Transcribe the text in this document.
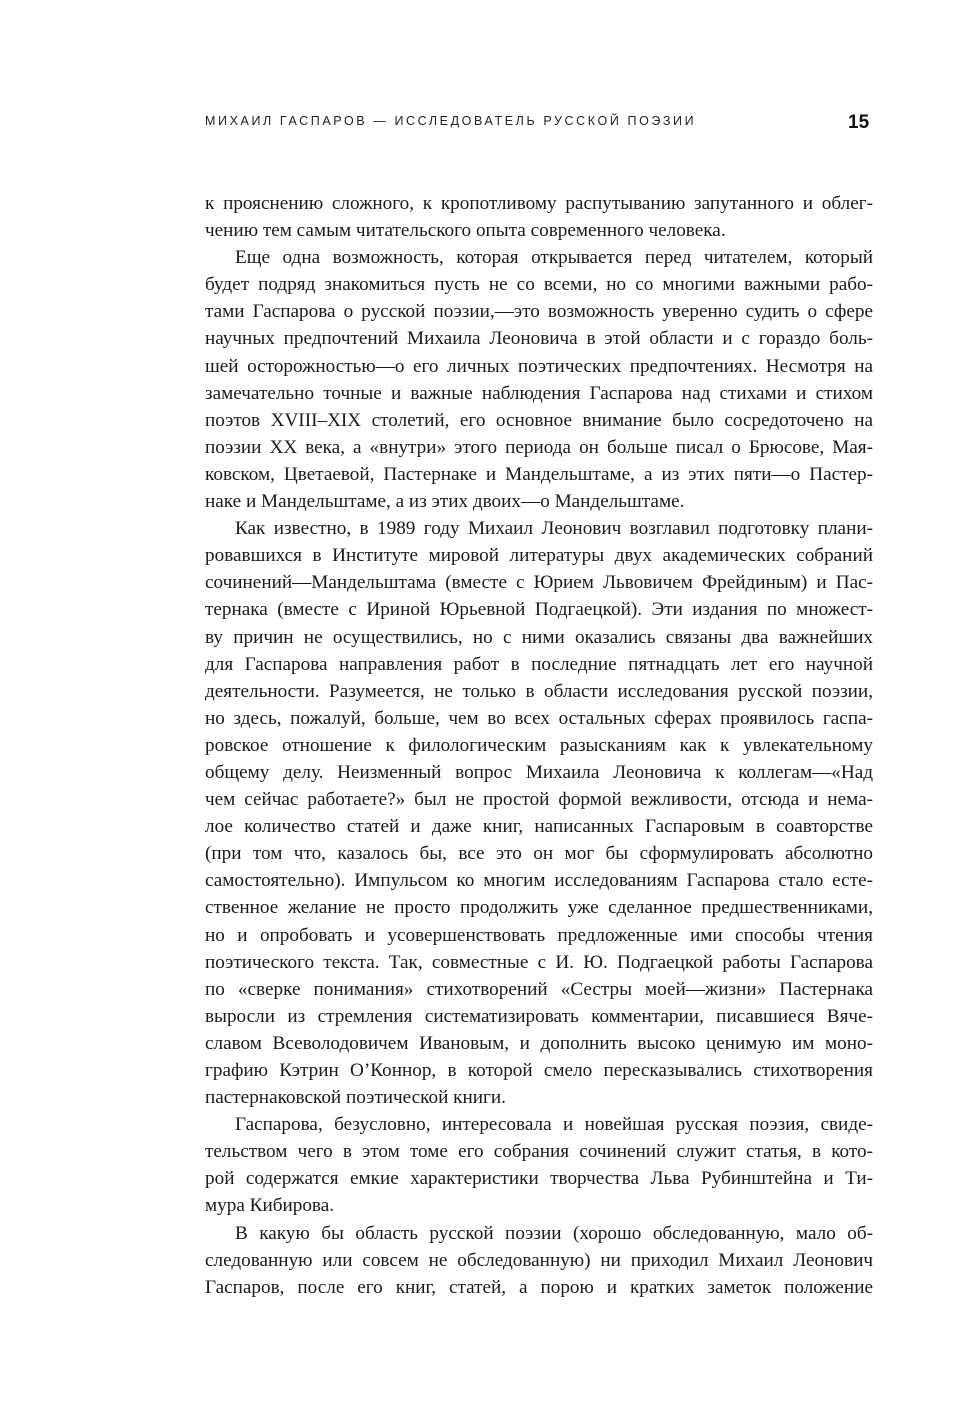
МИХАИЛ ГАСПАРОВ — ИССЛЕДОВАТЕЛЬ РУССКОЙ ПОЭЗИИ	15
к прояснению сложного, к кропотливому распутыванию запутанного и облег-
чению тем самым читательского опыта современного человека.
Еще одна возможность, которая открывается перед читателем, который
будет подряд знакомиться пусть не со всеми, но со многими важными рабо-
тами Гаспарова о русской поэзии,—это возможность уверенно судить о сфере
научных предпочтений Михаила Леоновича в этой области и с гораздо боль-
шей осторожностью—о его личных поэтических предпочтениях. Несмотря на
замечательно точные и важные наблюдения Гаспарова над стихами и стихом
поэтов XVIII–XIX столетий, его основное внимание было сосредоточено на
поэзии XX века, а «внутри» этого периода он больше писал о Брюсове, Мая-
ковском, Цветаевой, Пастернаке и Мандельштаме, а из этих пяти—о Пастер-
наке и Мандельштаме, а из этих двоих—о Мандельштаме.
Как известно, в 1989 году Михаил Леонович возглавил подготовку плани-
ровавшихся в Институте мировой литературы двух академических собраний
сочинений—Мандельштама (вместе с Юрием Львовичем Фрейдиным) и Пас-
тернака (вместе с Ириной Юрьевной Подгаецкой). Эти издания по множест-
ву причин не осуществились, но с ними оказались связаны два важнейших
для Гаспарова направления работ в последние пятнадцать лет его научной
деятельности. Разумеется, не только в области исследования русской поэзии,
но здесь, пожалуй, больше, чем во всех остальных сферах проявилось гаспа-
ровское отношение к филологическим разысканиям как к увлекательному
общему делу. Неизменный вопрос Михаила Леоновича к коллегам—«Над
чем сейчас работаете?» был не простой формой вежливости, отсюда и нема-
лое количество статей и даже книг, написанных Гаспаровым в соавторстве
(при том что, казалось бы, все это он мог бы сформулировать абсолютно
самостоятельно). Импульсом ко многим исследованиям Гаспарова стало есте-
ственное желание не просто продолжить уже сделанное предшественниками,
но и опробовать и усовершенствовать предложенные ими способы чтения
поэтического текста. Так, совместные с И. Ю. Подгаецкой работы Гаспарова
по «сверке понимания» стихотворений «Сестры моей—жизни» Пастернака
выросли из стремления систематизировать комментарии, писавшиеся Вяче-
славом Всеволодовичем Ивановым, и дополнить высоко ценимую им моно-
графию Кэтрин О’Коннор, в которой смело пересказывались стихотворения
пастернаковской поэтической книги.
Гаспарова, безусловно, интересовала и новейшая русская поэзия, свиде-
тельством чего в этом томе его собрания сочинений служит статья, в кото-
рой содержатся емкие характеристики творчества Льва Рубинштейна и Ти-
мура Кибирова.
В какую бы область русской поэзии (хорошо обследованную, мало об-
следованную или совсем не обследованную) ни приходил Михаил Леонович
Гаспаров, после его книг, статей, а порою и кратких заметок положение
